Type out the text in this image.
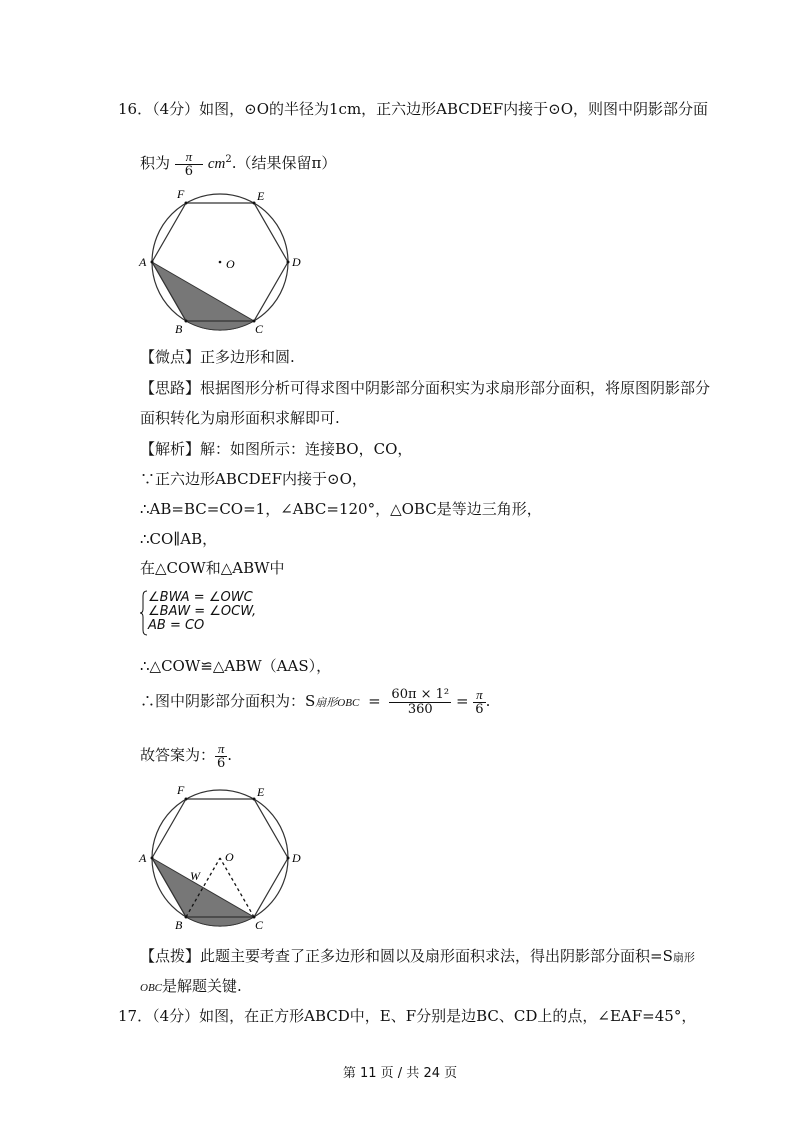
16．（4分）如图，⊙O的半径为1cm，正六边形ABCDEF内接于⊙O，则图中阴影部分面
积为 $\frac{\pi}{6} cm^2$.（结果保留π）
F	E
D
A
B	C
O
【微点】正多边形和圆.
【思路】根据图形分析可得求图中阴影部分面积实为求扇形部分面积，将原图阴影部分
面积转化为扇形面积求解即可.
【解析】解：如图所示：连接BO，CO，
∵正六边形ABCDEF内接于⊙O，
∴AB=BC=CO=1，∠ABC=120°，△OBC是等边三角形，
∴CO∥AB，
在△COW和△ABW中
∠BWA = ∠OWC
∠BAW = ∠OCW,
AB = CO
∴△COW≌△ABW（AAS），
∴图中阴影部分面积为：S扇形OBC = $\frac{\text{60π × 1²}}{360} = \frac{\pi}{6}$ .
故答案为： $\frac{\pi}{6}$ .
F	E
D
A
B	C
O
W
【点拨】此题主要考查了正多边形和圆以及扇形面积求法，得出阴影部分面积=S扇形
OBC是解题关键.
17．（4分）如图，在正方形ABCD中，E、F分别是边BC、CD上的点，∠EAF=45°，
第 11 页 / 共 24 页
